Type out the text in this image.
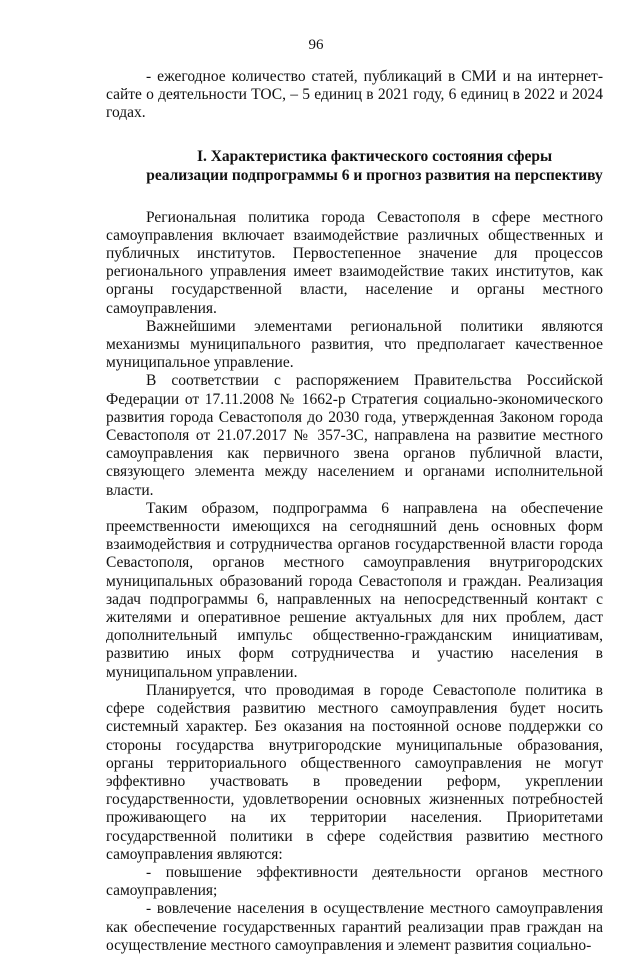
96

- ежегодное количество статей, публикаций в СМИ и на интернет-сайте о деятельности ТОС, – 5 единиц в 2021 году, 6 единиц в 2022 и 2024 годах.

I. Характеристика фактического состояния сферы
реализации подпрограммы 6 и прогноз развития на перспективу

Региональная политика города Севастополя в сфере местного самоуправления включает взаимодействие различных общественных и публичных институтов. Первостепенное значение для процессов регионального управления имеет взаимодействие таких институтов, как органы государственной власти, население и органы местного самоуправления.

Важнейшими элементами региональной политики являются механизмы муниципального развития, что предполагает качественное муниципальное управление.

В соответствии с распоряжением Правительства Российской Федерации от 17.11.2008 № 1662-р Стратегия социально-экономического развития города Севастополя до 2030 года, утвержденная Законом города Севастополя от 21.07.2017 № 357-ЗС, направлена на развитие местного самоуправления как первичного звена органов публичной власти, связующего элемента между населением и органами исполнительной власти.

Таким образом, подпрограмма 6 направлена на обеспечение преемственности имеющихся на сегодняшний день основных форм взаимодействия и сотрудничества органов государственной власти города Севастополя, органов местного самоуправления внутригородских муниципальных образований города Севастополя и граждан. Реализация задач подпрограммы 6, направленных на непосредственный контакт с жителями и оперативное решение актуальных для них проблем, даст дополнительный импульс общественно-гражданским инициативам, развитию иных форм сотрудничества и участию населения в муниципальном управлении.

Планируется, что проводимая в городе Севастополе политика в сфере содействия развитию местного самоуправления будет носить системный характер. Без оказания на постоянной основе поддержки со стороны государства внутригородские муниципальные образования, органы территориального общественного самоуправления не могут эффективно участвовать в проведении реформ, укреплении государственности, удовлетворении основных жизненных потребностей проживающего на их территории населения. Приоритетами государственной политики в сфере содействия развитию местного самоуправления являются:

- повышение эффективности деятельности органов местного самоуправления;

- вовлечение населения в осуществление местного самоуправления как обеспечение государственных гарантий реализации прав граждан на осуществление местного самоуправления и элемент развития социально-
